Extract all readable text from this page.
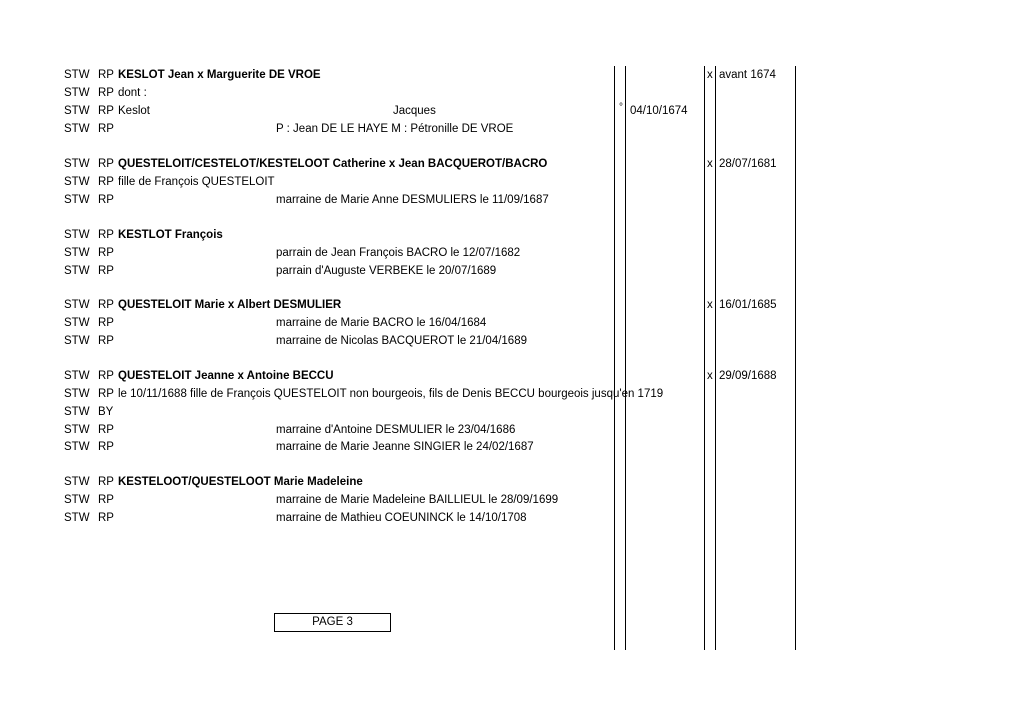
STW RP KESLOT Jean x Marguerite DE VROE	x avant 1674
STW RP dont :
STW RP Keslot	Jacques	° 04/10/1674
STW RP	P : Jean DE LE HAYE M : Pétronille DE VROE
STW RP QUESTELOIT/CESTELOT/KESTELOOT Catherine x Jean BACQUEROT/BACRO	x 28/07/1681
STW RP fille de François QUESTELOIT
STW RP	marraine de Marie Anne DESMULIERS le 11/09/1687
STW RP KESTLOT François
STW RP	parrain de Jean François BACRO le 12/07/1682
STW RP	parrain d'Auguste VERBEKE le 20/07/1689
STW RP QUESTELOIT Marie x Albert DESMULIER	x 16/01/1685
STW RP	marraine de Marie BACRO le 16/04/1684
STW RP	marraine de Nicolas BACQUEROT le 21/04/1689
STW RP QUESTELOIT Jeanne x Antoine BECCU	x 29/09/1688
STW RP le 10/11/1688 fille de François QUESTELOIT non bourgeois, fils de Denis BECCU bourgeois jusqu'en 1719
STW BY
STW RP	marraine d'Antoine DESMULIER le 23/04/1686
STW RP	marraine de Marie Jeanne SINGIER le 24/02/1687
STW RP KESTELOOT/QUESTELOOT Marie Madeleine
STW RP	marraine de Marie Madeleine BAILLIEUL le 28/09/1699
STW RP	marraine de Mathieu COEUNINCK le 14/10/1708
PAGE 3
